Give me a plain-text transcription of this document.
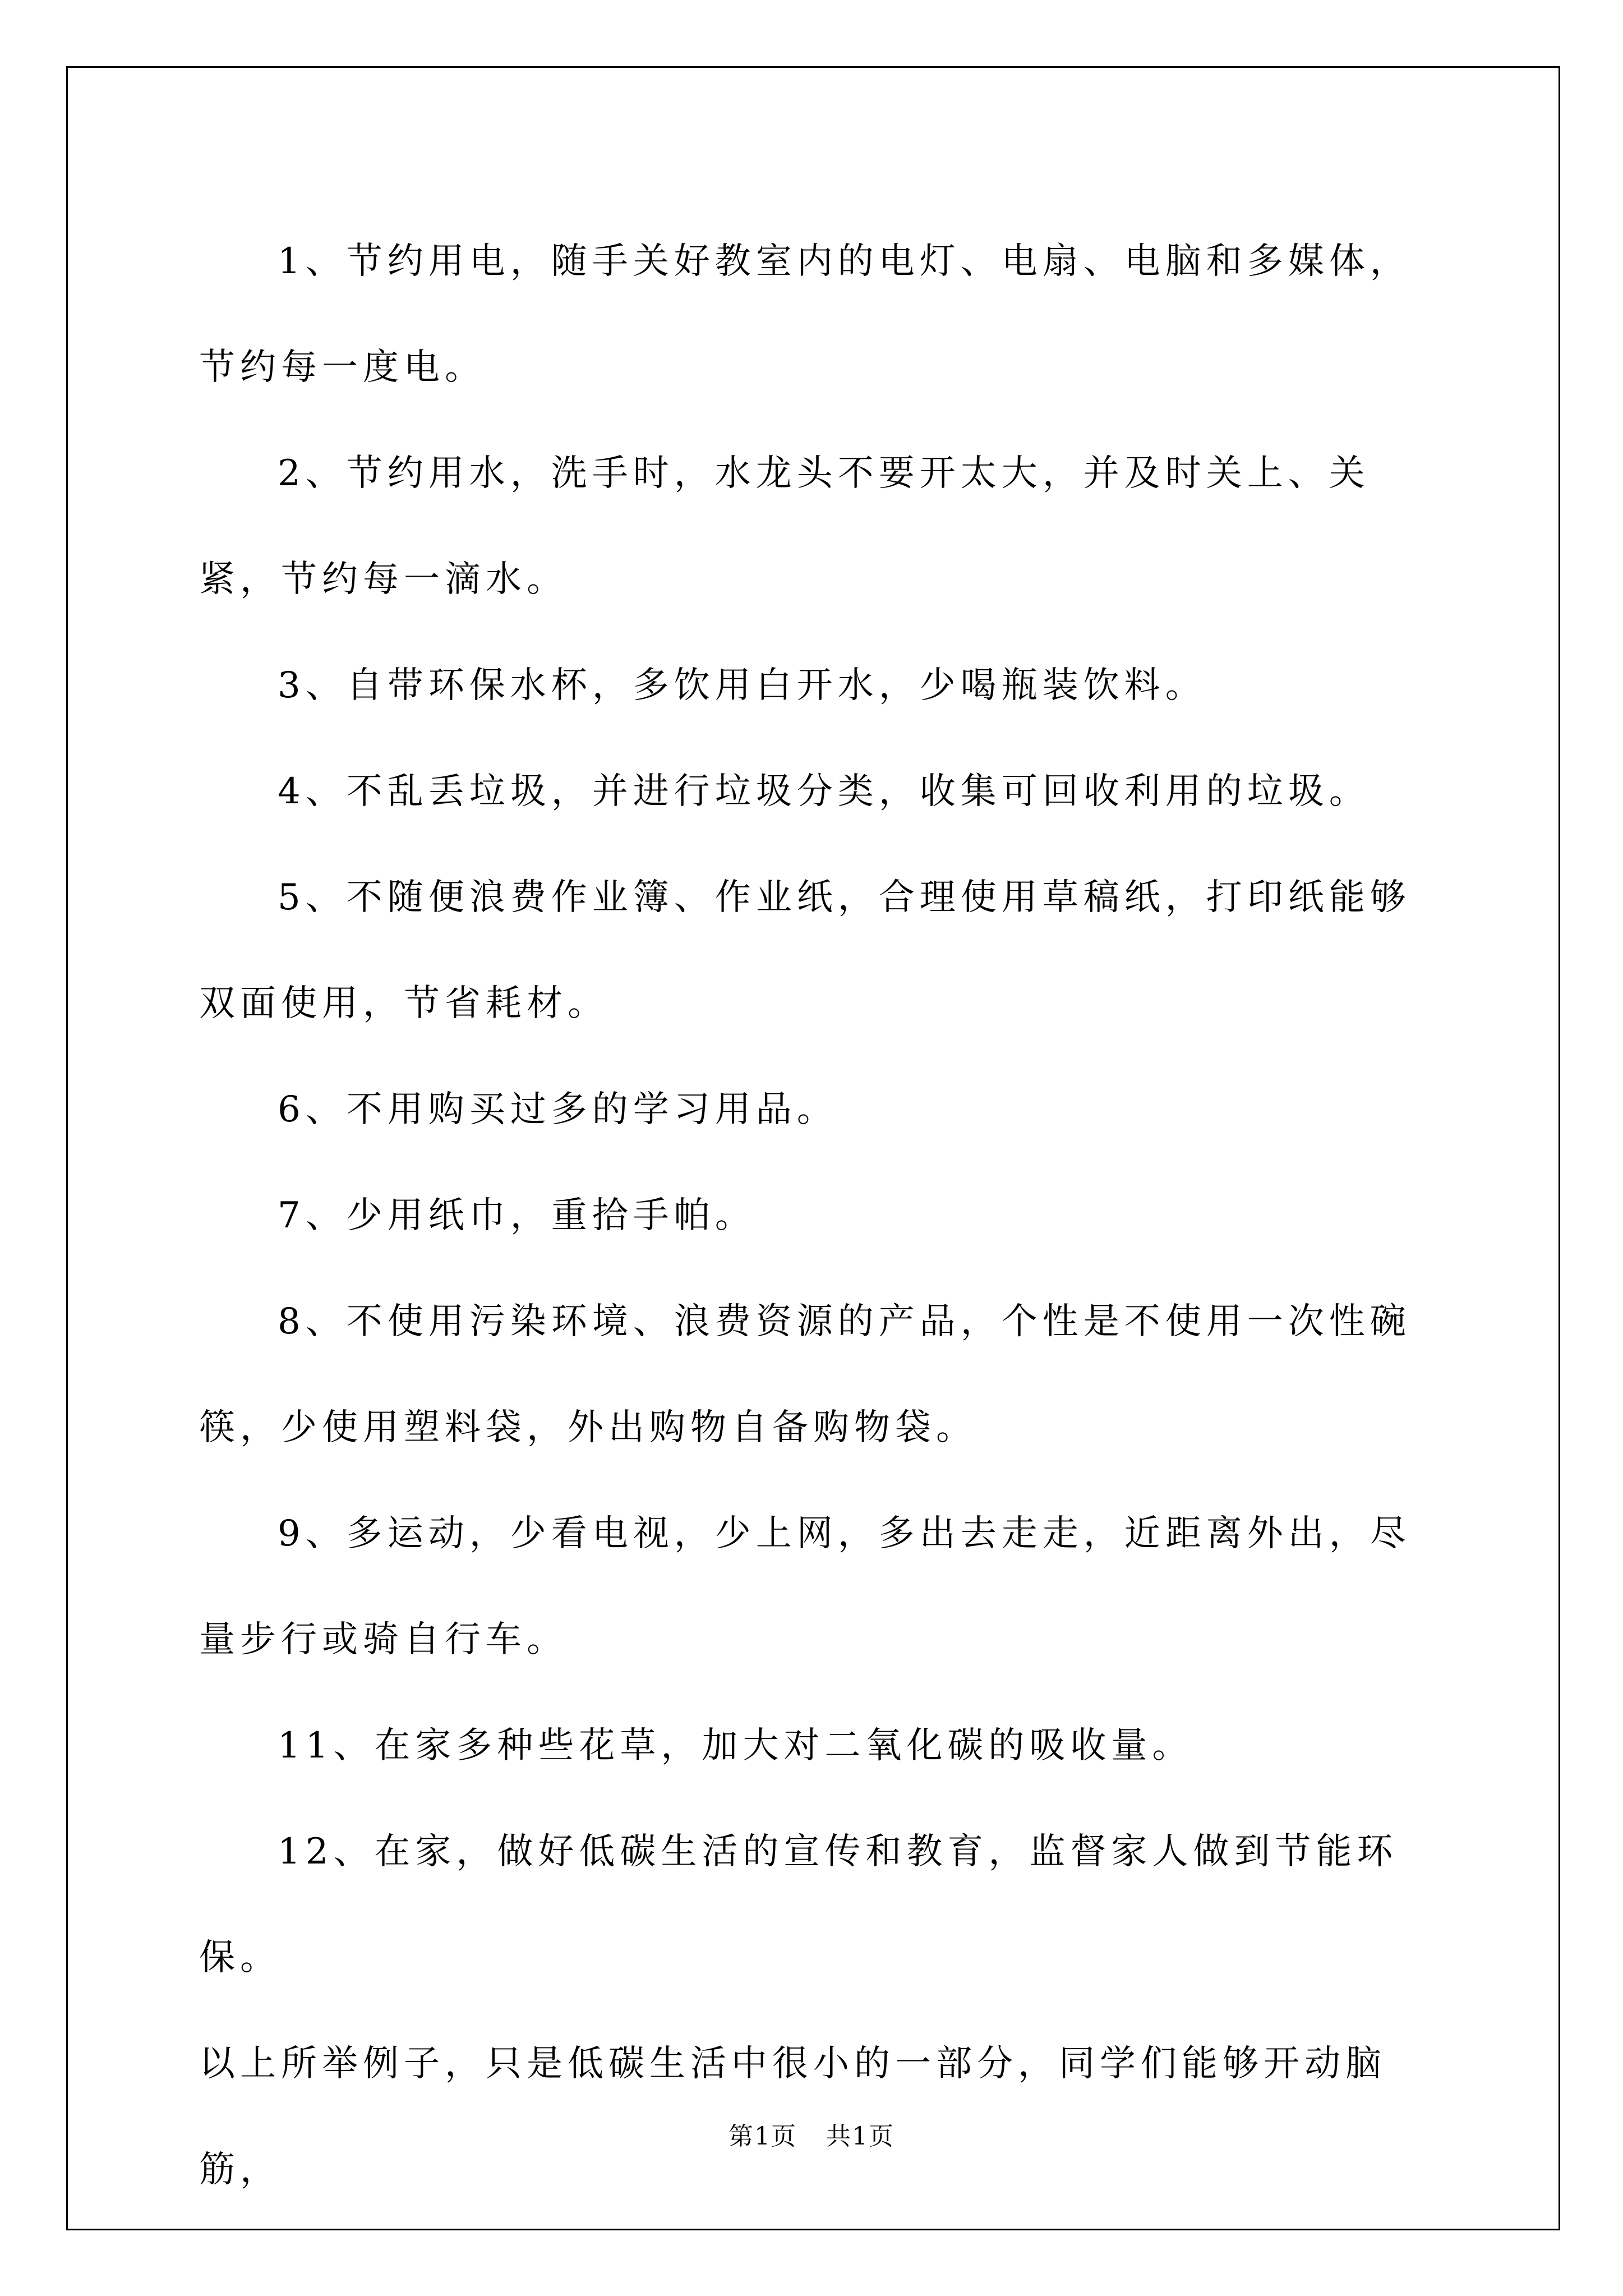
1、节约用电，随手关好教室内的电灯、电扇、电脑和多媒体，节约每一度电。

2、节约用水，洗手时，水龙头不要开太大，并及时关上、关紧，节约每一滴水。

3、自带环保水杯，多饮用白开水，少喝瓶装饮料。

4、不乱丢垃圾，并进行垃圾分类，收集可回收利用的垃圾。

5、不随便浪费作业簿、作业纸，合理使用草稿纸，打印纸能够双面使用，节省耗材。

6、不用购买过多的学习用品。

7、少用纸巾，重拾手帕。

8、不使用污染环境、浪费资源的产品，个性是不使用一次性碗筷，少使用塑料袋，外出购物自备购物袋。

9、多运动，少看电视，少上网，多出去走走，近距离外出，尽量步行或骑自行车。

11、在家多种些花草，加大对二氧化碳的吸收量。

12、在家，做好低碳生活的宣传和教育，监督家人做到节能环保。

以上所举例子，只是低碳生活中很小的一部分，同学们能够开动脑筋，

第1页 共1页
